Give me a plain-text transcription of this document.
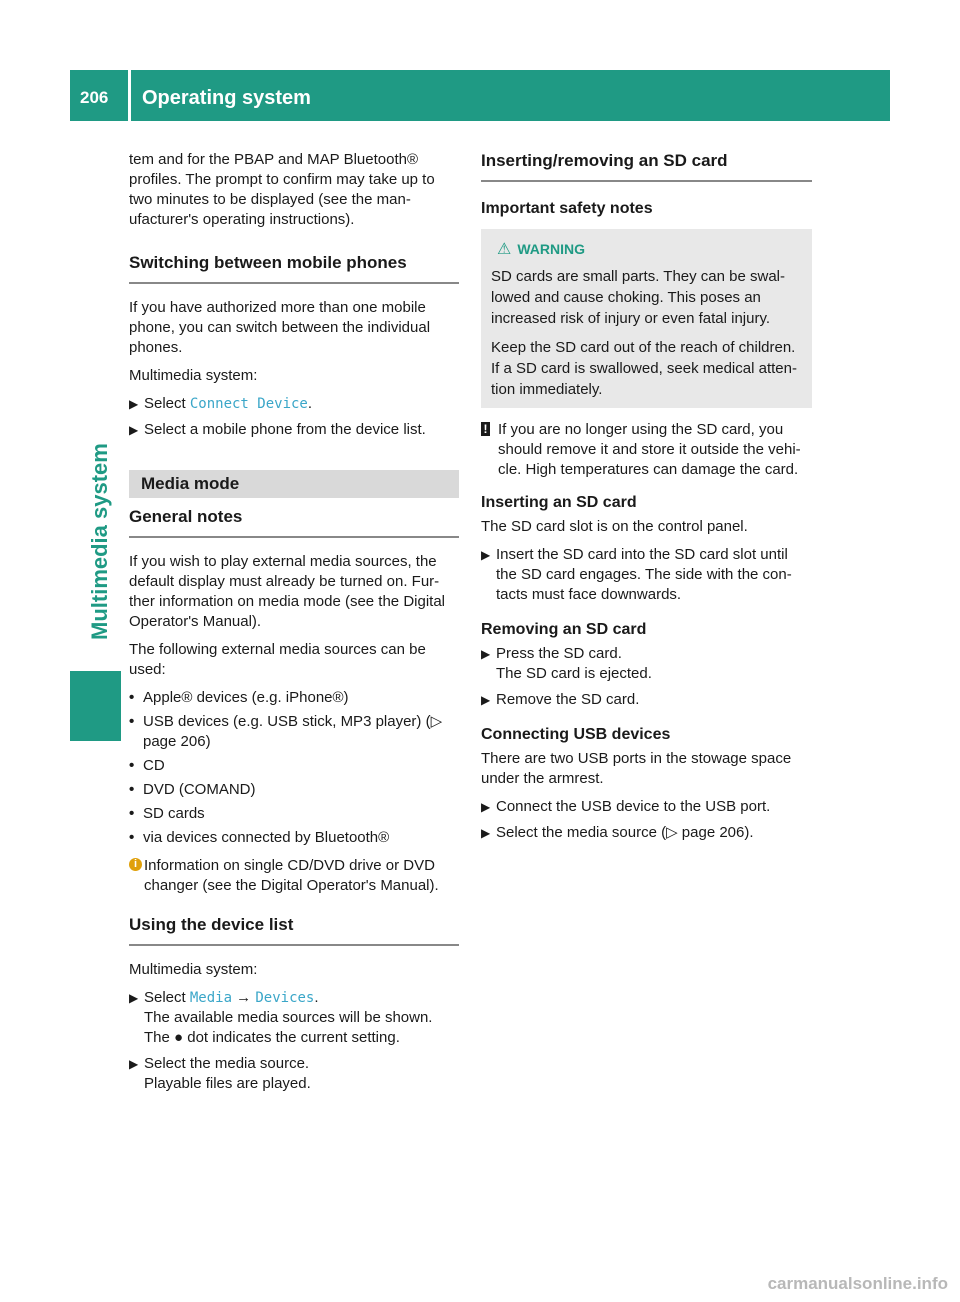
206 Operating system
Multimedia system

tem and for the PBAP and MAP Bluetooth® profiles. The prompt to confirm may take up to two minutes to be displayed (see the man-ufacturer's operating instructions).

Switching between mobile phones

If you have authorized more than one mobile phone, you can switch between the individual phones.

Multimedia system:

▶ Select Connect Device.
▶ Select a mobile phone from the device list.
Media mode
General notes

If you wish to play external media sources, the default display must already be turned on. Fur-ther information on media mode (see the Digital Operator's Manual).

The following external media sources can be used:

• Apple® devices (e.g. iPhone®)
• USB devices (e.g. USB stick, MP3 player) (▷ page 206)
• CD
• DVD (COMAND)
• SD cards
• via devices connected by Bluetooth®
i Information on single CD/DVD drive or DVD changer (see the Digital Operator's Manual).
Using the device list

Multimedia system:

▶ Select Media → Devices.
The available media sources will be shown.
The ● dot indicates the current setting.
▶ Select the media source.
Playable files are played.
Inserting/removing an SD card
Important safety notes
⚠ WARNING

SD cards are small parts. They can be swal-lowed and cause choking. This poses an increased risk of injury or even fatal injury.

Keep the SD card out of the reach of children. If a SD card is swallowed, seek medical atten-tion immediately.

! If you are no longer using the SD card, you should remove it and store it outside the vehi-cle. High temperatures can damage the card.
Inserting an SD card

The SD card slot is on the control panel.

▶ Insert the SD card into the SD card slot until the SD card engages. The side with the con-tacts must face downwards.
Removing an SD card
▶ Press the SD card.
The SD card is ejected.
▶ Remove the SD card.
Connecting USB devices

There are two USB ports in the stowage space under the armrest.

▶ Connect the USB device to the USB port.
▶ Select the media source (▷ page 206).
carmanualsonline.info
